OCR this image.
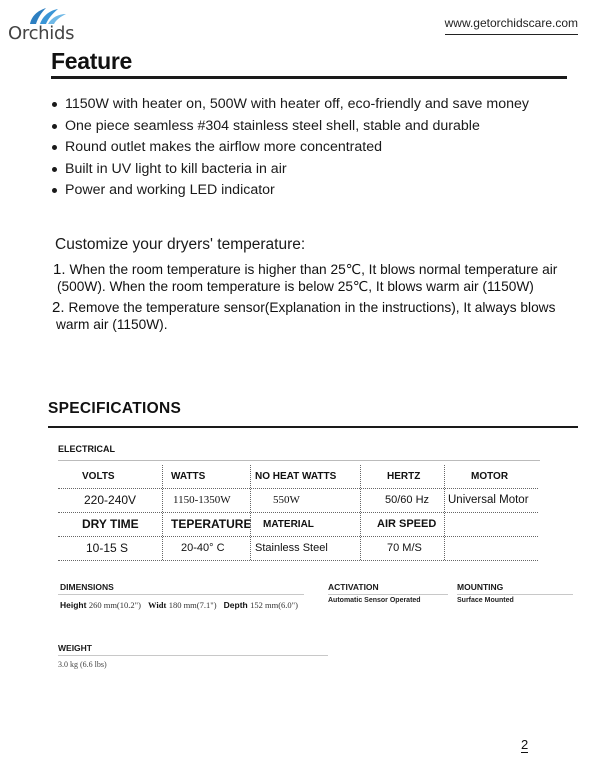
Orchids	www.getorchidscare.com
Feature
1150W with heater on, 500W with heater off, eco-friendly and save money
One piece seamless #304 stainless steel shell, stable and durable
Round outlet makes the airflow more concentrated
Built in UV light to kill bacteria in air
Power and working LED indicator
Customize your dryers' temperature:
1. When the room temperature is higher than 25℃, It blows normal temperature air
(500W). When the room temperature is below 25℃, It blows warm air (1150W)
2. Remove the temperature sensor(Explanation in the instructions), It always blows
warm air (1150W).
SPECIFICATIONS
ELECTRICAL
VOLTS	WATTS	NO HEAT WATTS	HERTZ	MOTOR
220-240V	1150-1350W	550W	50/60 Hz	Universal Motor
DRY TIME	TEPERATURE	MATERIAL	AIR SPEED
10-15 S	20-40° C	Stainless Steel	70 M/S
DIMENSIONS
Height 260 mm(10.2") Widt 180 mm(7.1") Depth 152 mm(6.0")
ACTIVATION
Automatic Sensor Operated
MOUNTING
Surface Mounted
WEIGHT
3.0 kg (6.6 lbs)
2
